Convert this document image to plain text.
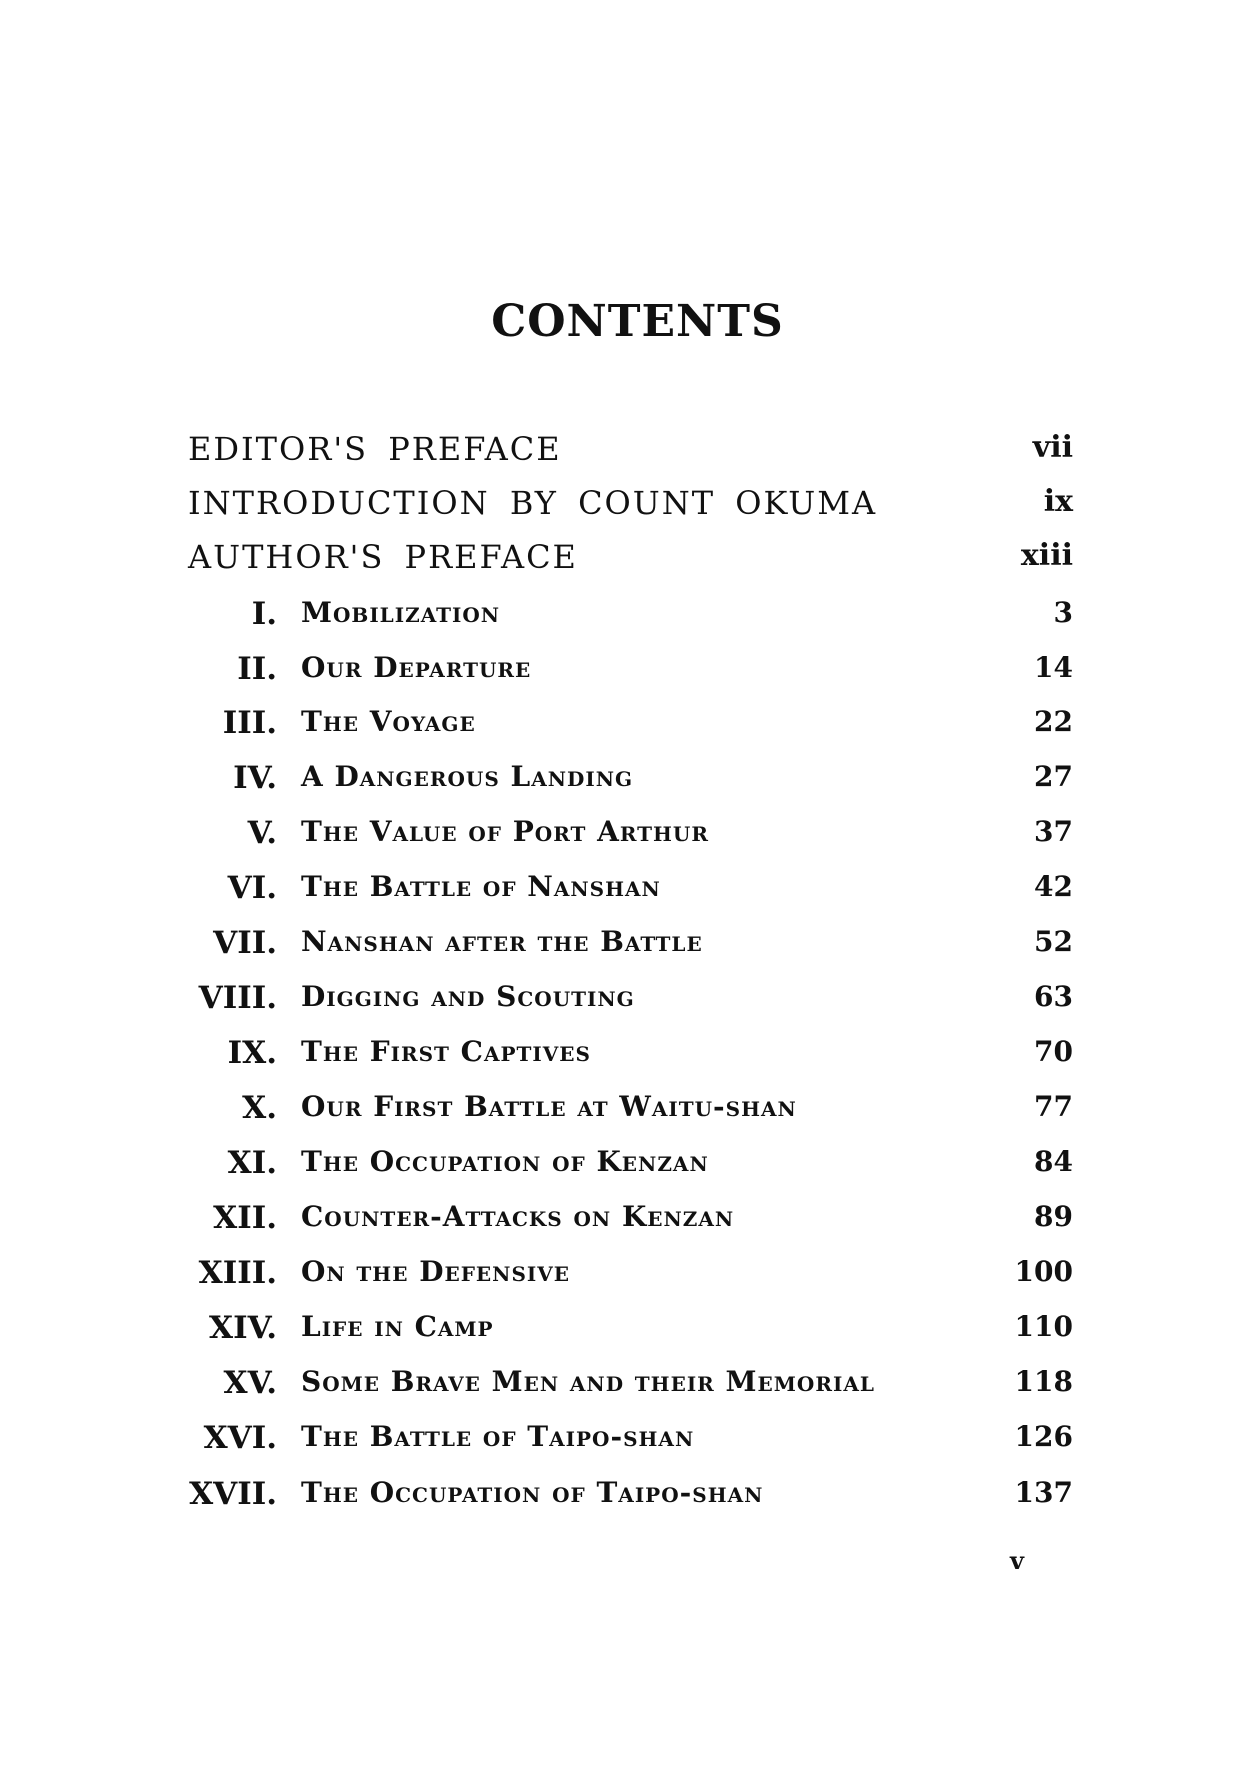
CONTENTS
EDITOR'S PREFACE	vii
INTRODUCTION BY COUNT OKUMA	ix
AUTHOR'S PREFACE	xiii
I. Mobilization	3
II. Our Departure	14
III. The Voyage	22
IV. A Dangerous Landing	27
V. The Value of Port Arthur	37
VI. The Battle of Nanshan	42
VII. Nanshan after the Battle	52
VIII. Digging and Scouting	63
IX. The First Captives	70
X. Our First Battle at Waitu-shan	77
XI. The Occupation of Kenzan	84
XII. Counter-Attacks on Kenzan	89
XIII. On the Defensive	100
XIV. Life in Camp	110
XV. Some Brave Men and their Memorial	118
XVI. The Battle of Taipo-shan	126
XVII. The Occupation of Taipo-shan	137
v
